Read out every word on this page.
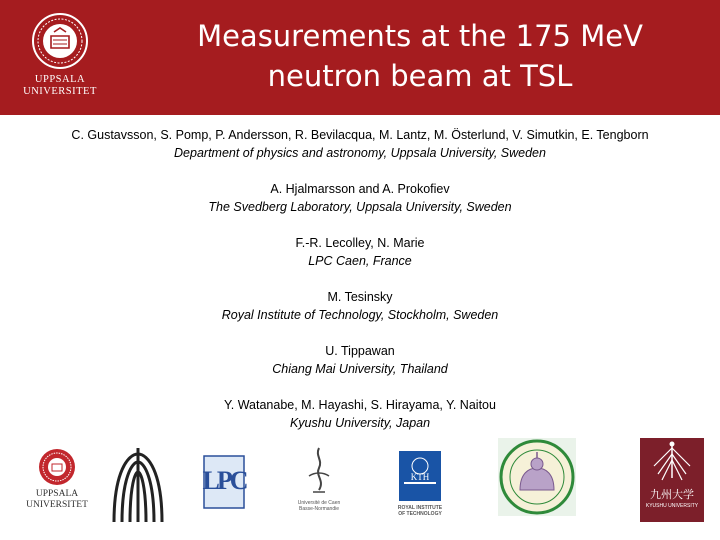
UPPSALA
UNIVERSITET
Measurements at the 175 MeV
neutron beam at TSL
C. Gustavsson, S. Pomp, P. Andersson, R. Bevilacqua, M. Lantz, M. Österlund, V. Simutkin, E. Tengborn
Department of physics and astronomy, Uppsala University, Sweden
A. Hjalmarsson and A. Prokofiev
The Svedberg Laboratory, Uppsala University, Sweden
F.-R. Lecolley, N. Marie
LPC Caen, France
M. Tesinsky
Royal Institute of Technology, Stockholm, Sweden
U. Tippawan
Chiang Mai University, Thailand
Y. Watanabe, M. Hayashi, S. Hirayama, Y. Naitou
Kyushu University, Japan
UPPSALA
UNIVERSITET
LPC
Université de Caen
Basse-Normandie
KTH
ROYAL INSTITUTE
OF TECHNOLOGY
九州大学
KYUSHU UNIVERSITY
